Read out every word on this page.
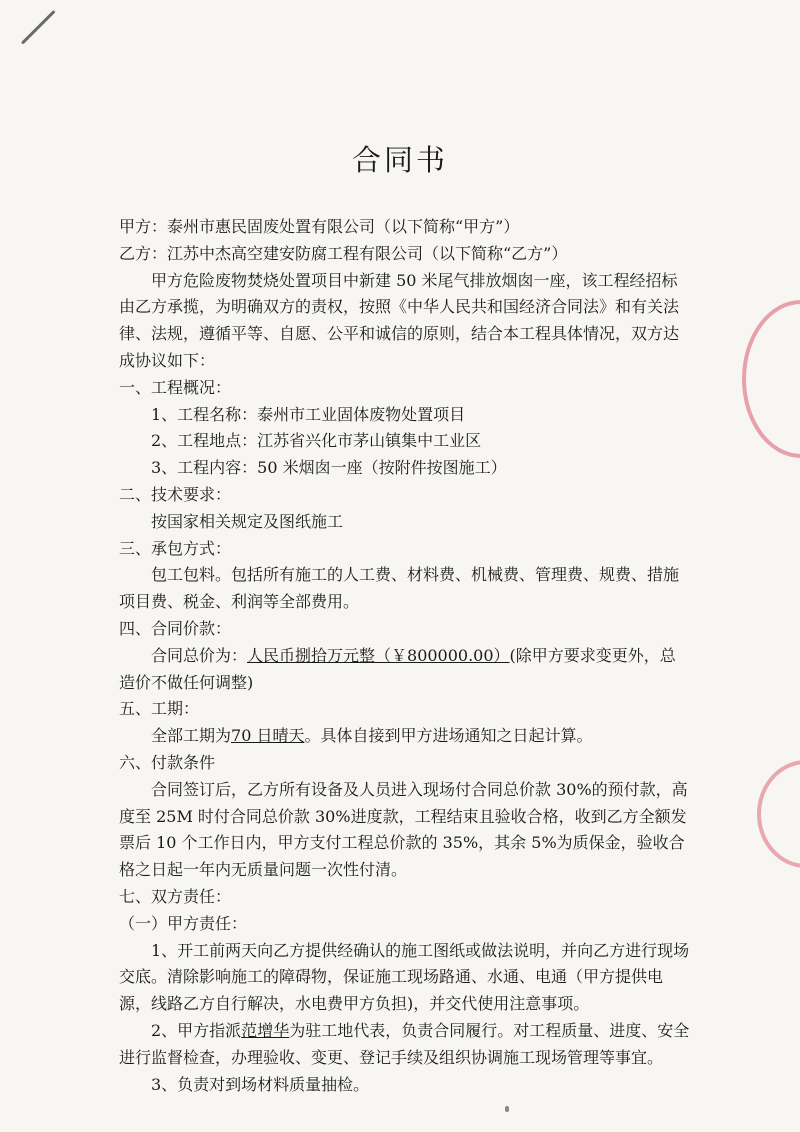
合同书

甲方：泰州市惠民固废处置有限公司（以下简称“甲方”）

乙方：江苏中杰高空建安防腐工程有限公司（以下简称“乙方”）

甲方危险废物焚烧处置项目中新建 50 米尾气排放烟囱一座，该工程经招标由乙方承揽，为明确双方的责权，按照《中华人民共和国经济合同法》和有关法律、法规，遵循平等、自愿、公平和诚信的原则，结合本工程具体情况，双方达成协议如下：

一、工程概况：

1、工程名称：泰州市工业固体废物处置项目

2、工程地点：江苏省兴化市茅山镇集中工业区

3、工程内容：50 米烟囱一座（按附件按图施工）

二、技术要求：

按国家相关规定及图纸施工

三、承包方式：

包工包料。包括所有施工的人工费、材料费、机械费、管理费、规费、措施项目费、税金、利润等全部费用。

四、合同价款：

合同总价为：人民币捌拾万元整（￥800000.00）(除甲方要求变更外，总造价不做任何调整)

五、工期：

全部工期为70 日晴天。具体自接到甲方进场通知之日起计算。

六、付款条件

合同签订后，乙方所有设备及人员进入现场付合同总价款 30%的预付款，高度至 25M 时付合同总价款 30%进度款，工程结束且验收合格，收到乙方全额发票后 10 个工作日内，甲方支付工程总价款的 35%，其余 5%为质保金，验收合格之日起一年内无质量问题一次性付清。

七、双方责任：

（一）甲方责任：

1、开工前两天向乙方提供经确认的施工图纸或做法说明，并向乙方进行现场交底。清除影响施工的障碍物，保证施工现场路通、水通、电通（甲方提供电源，线路乙方自行解决，水电费甲方负担)，并交代使用注意事项。

2、甲方指派范增华为驻工地代表，负责合同履行。对工程质量、进度、安全进行监督检查，办理验收、变更、登记手续及组织协调施工现场管理等事宜。

3、负责对到场材料质量抽检。
